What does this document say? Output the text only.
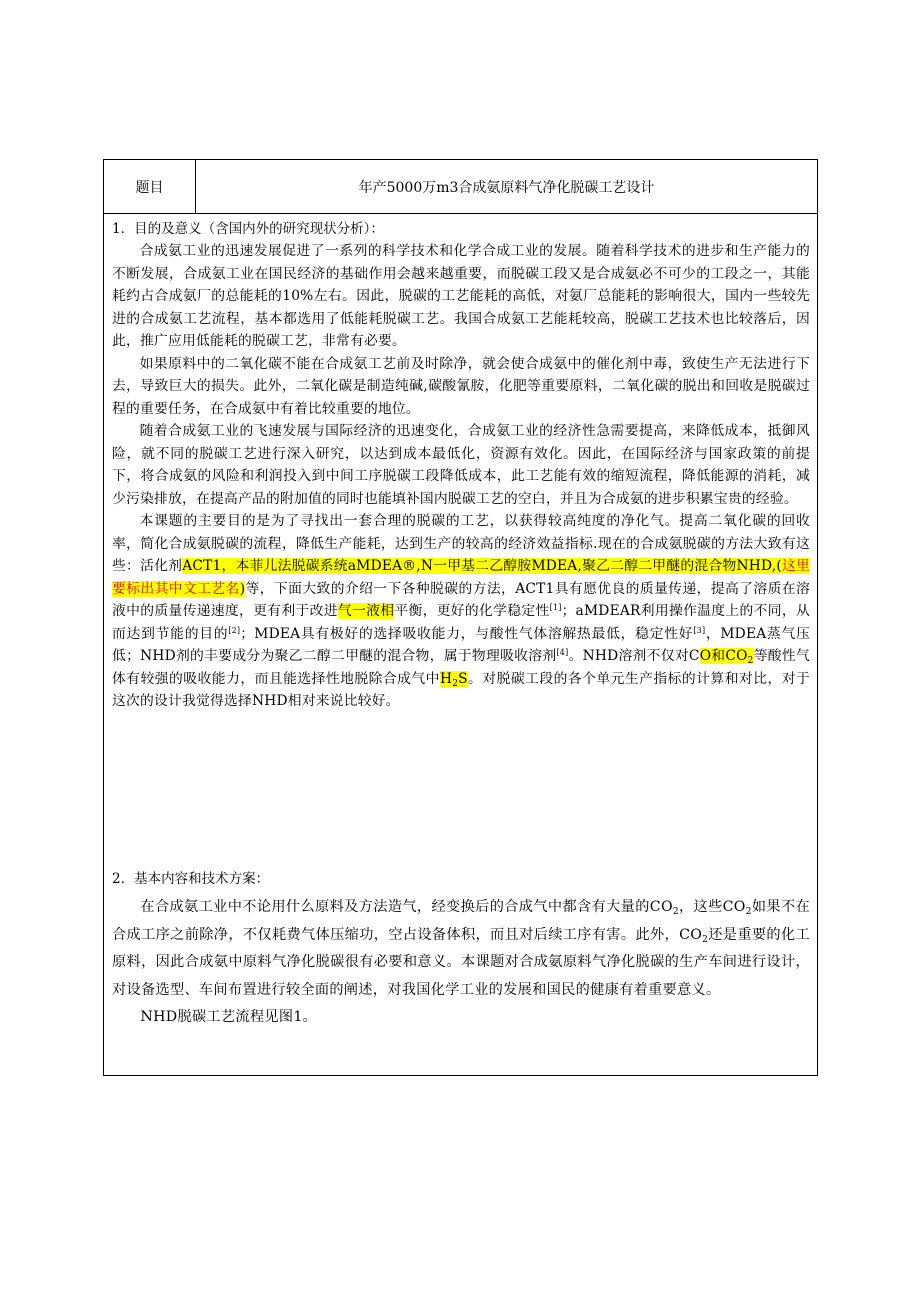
题目	年产5000万m3合成氨原料气净化脱碳工艺设计

1．目的及意义（含国内外的研究现状分析）：

合成氨工业的迅速发展促进了一系列的科学技术和化学合成工业的发展。随着科学技术的进步和生产能力的不断发展，合成氨工业在国民经济的基础作用会越来越重要，而脱碳工段又是合成氨必不可少的工段之一，其能耗约占合成氨厂的总能耗的10%左右。因此，脱碳的工艺能耗的高低，对氨厂总能耗的影响很大，国内一些较先进的合成氨工艺流程，基本都选用了低能耗脱碳工艺。我国合成氨工艺能耗较高，脱碳工艺技术也比较落后，因此，推广应用低能耗的脱碳工艺，非常有必要。

如果原料中的二氧化碳不能在合成氨工艺前及时除净，就会使合成氨中的催化剂中毒，致使生产无法进行下去，导致巨大的损失。此外，二氧化碳是制造纯碱,碳酸氰胺，化肥等重要原料，二氧化碳的脱出和回收是脱碳过程的重要任务，在合成氨中有着比较重要的地位。

随着合成氨工业的飞速发展与国际经济的迅速变化，合成氨工业的经济性急需要提高，来降低成本，抵御风险，就不同的脱碳工艺进行深入研究，以达到成本最低化，资源有效化。因此，在国际经济与国家政策的前提下，将合成氨的风险和利润投入到中间工序脱碳工段降低成本，此工艺能有效的缩短流程，降低能源的消耗，减少污染排放，在提高产品的附加值的同时也能填补国内脱碳工艺的空白，并且为合成氨的进步积累宝贵的经验。

本课题的主要目的是为了寻找出一套合理的脱碳的工艺，以获得较高纯度的净化气。提高二氧化碳的回收率，简化合成氨脱碳的流程，降低生产能耗，达到生产的较高的经济效益指标.现在的合成氨脱碳的方法大致有这些：活化剂ACT1，本菲儿法脱碳系统aMDEA®,N一甲基二乙醇胺MDEA,聚乙二醇二甲醚的混合物NHD,(这里要标出其中文工艺名)等，下面大致的介绍一下各种脱碳的方法，ACT1具有愿优良的质量传递，提高了溶质在溶液中的质量传递速度，更有利于改进气一液相平衡，更好的化学稳定性[1]；aMDEAR利用操作温度上的不同，从而达到节能的目的[2]；MDEA具有极好的选择吸收能力，与酸性气体溶解热最低，稳定性好[3]，MDEA蒸气压低；NHD剂的丰要成分为聚乙二醇二甲醚的混合物，属于物理吸收溶剂[4]。NHD溶剂不仅对CO和$CO_2$等酸性气体有较强的吸收能力，而且能选择性地脱除合成气中$H_2S$。对脱碳工段的各个单元生产指标的计算和对比，对于这次的设计我觉得选择NHD相对来说比较好。

2．基本内容和技术方案：

在合成氨工业中不论用什么原料及方法造气，经变换后的合成气中都含有大量的$CO_2$，这些$CO_2$如果不在合成工序之前除净，不仅耗费气体压缩功，空占设备体积，而且对后续工序有害。此外，$CO_2$还是重要的化工原料，因此合成氨中原料气净化脱碳很有必要和意义。本课题对合成氨原料气净化脱碳的生产车间进行设计，对设备选型、车间布置进行较全面的阐述，对我国化学工业的发展和国民的健康有着重要意义。

NHD脱碳工艺流程见图1。
